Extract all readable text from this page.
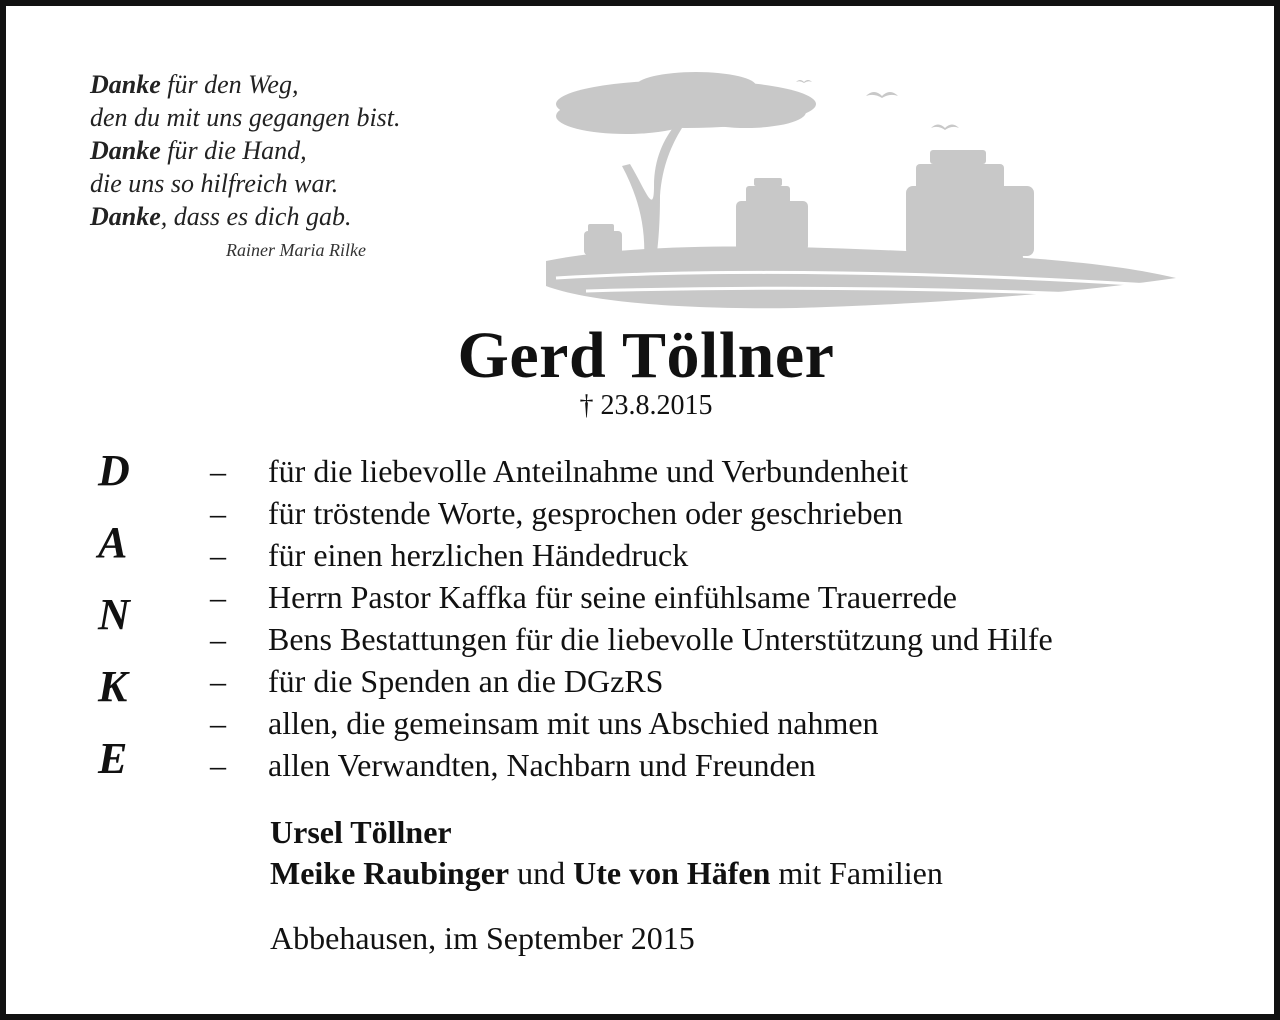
Danke für den Weg,
den du mit uns gegangen bist.
Danke für die Hand,
die uns so hilfreich war.
Danke, dass es dich gab.
Rainer Maria Rilke
Gerd Töllner
† 23.8.2015
D
A
N
K
E
–	für die liebevolle Anteilnahme und Verbundenheit
–	für tröstende Worte, gesprochen oder geschrieben
–	für einen herzlichen Händedruck
–	Herrn Pastor Kaffka für seine einfühlsame Trauerrede
–	Bens Bestattungen für die liebevolle Unterstützung und Hilfe
–	für die Spenden an die DGzRS
–	allen, die gemeinsam mit uns Abschied nahmen
–	allen Verwandten, Nachbarn und Freunden
Ursel Töllner
Meike Raubinger und Ute von Häfen mit Familien
Abbehausen, im September 2015
